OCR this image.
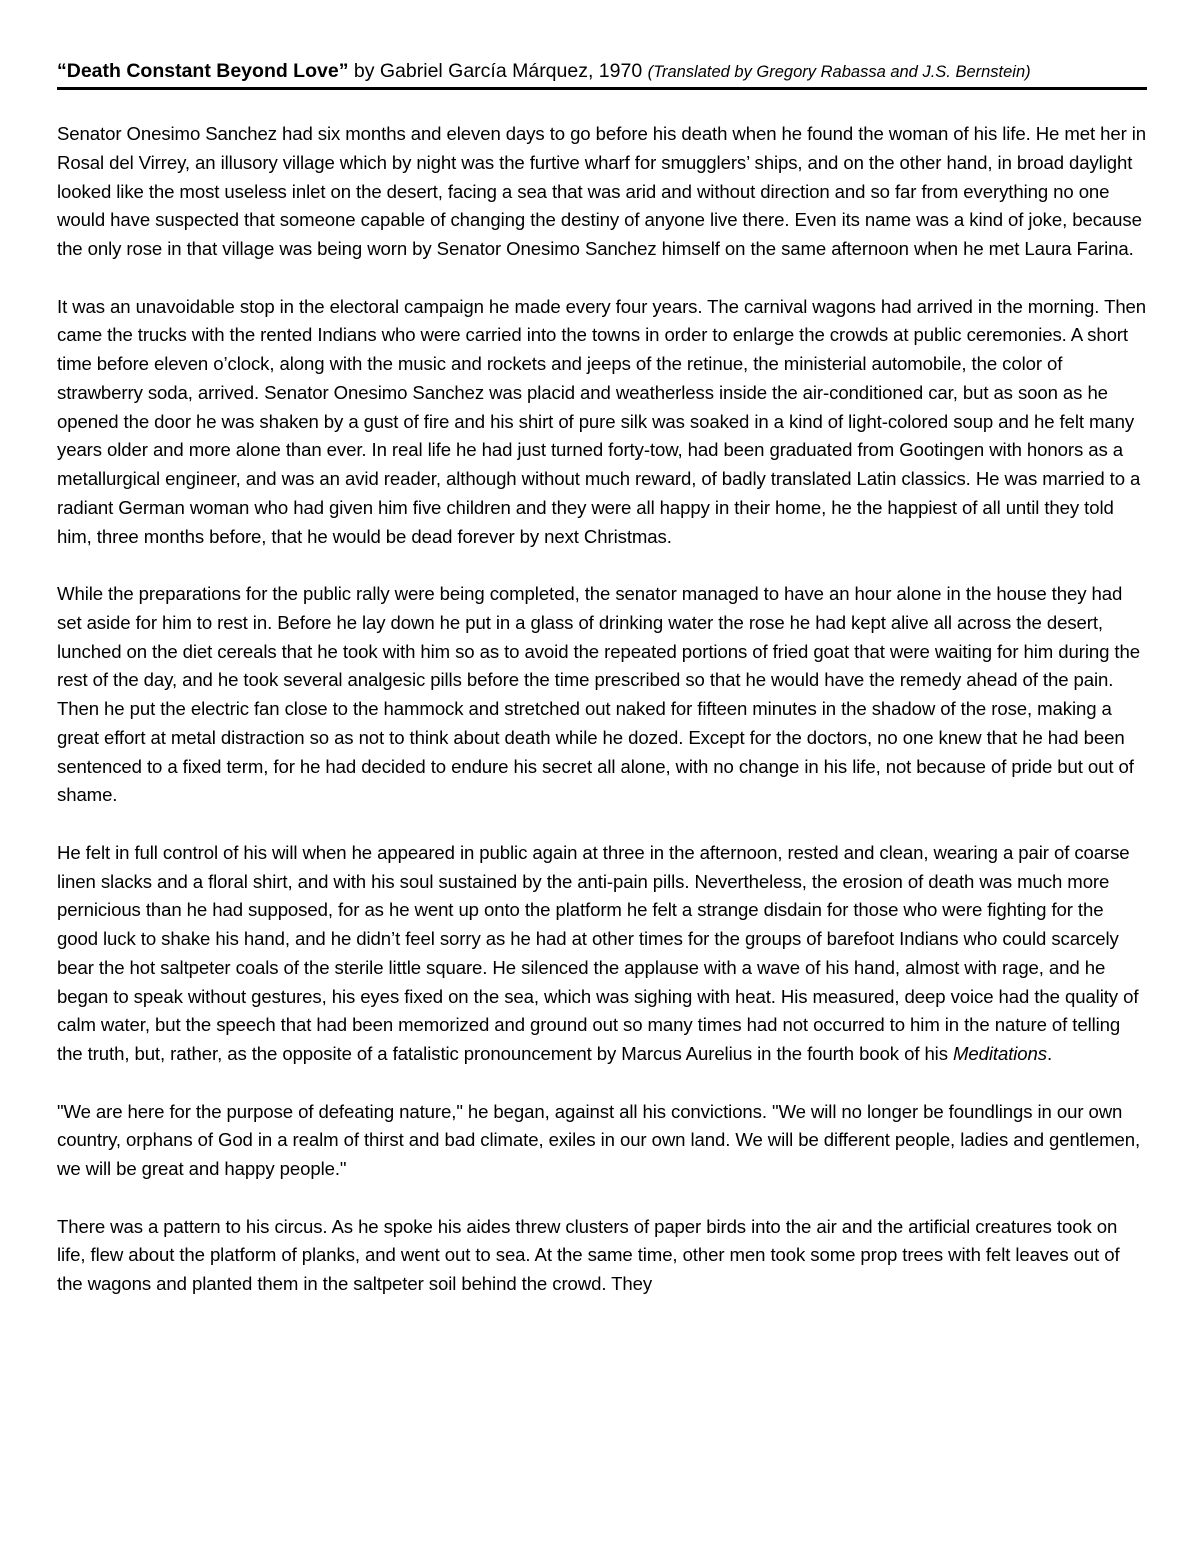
“Death Constant Beyond Love” by Gabriel García Márquez, 1970 (Translated by Gregory Rabassa and J.S. Bernstein)

Senator Onesimo Sanchez had six months and eleven days to go before his death when he found the woman of his life. He met her in Rosal del Virrey, an illusory village which by night was the furtive wharf for smugglers’ ships, and on the other hand, in broad daylight looked like the most useless inlet on the desert, facing a sea that was arid and without direction and so far from everything no one would have suspected that someone capable of changing the destiny of anyone live there. Even its name was a kind of joke, because the only rose in that village was being worn by Senator Onesimo Sanchez himself on the same afternoon when he met Laura Farina.

It was an unavoidable stop in the electoral campaign he made every four years. The carnival wagons had arrived in the morning. Then came the trucks with the rented Indians who were carried into the towns in order to enlarge the crowds at public ceremonies. A short time before eleven o’clock, along with the music and rockets and jeeps of the retinue, the ministerial automobile, the color of strawberry soda, arrived. Senator Onesimo Sanchez was placid and weatherless inside the air-conditioned car, but as soon as he opened the door he was shaken by a gust of fire and his shirt of pure silk was soaked in a kind of light-colored soup and he felt many years older and more alone than ever. In real life he had just turned forty-tow, had been graduated from Gootingen with honors as a metallurgical engineer, and was an avid reader, although without much reward, of badly translated Latin classics. He was married to a radiant German woman who had given him five children and they were all happy in their home, he the happiest of all until they told him, three months before, that he would be dead forever by next Christmas.

While the preparations for the public rally were being completed, the senator managed to have an hour alone in the house they had set aside for him to rest in. Before he lay down he put in a glass of drinking water the rose he had kept alive all across the desert, lunched on the diet cereals that he took with him so as to avoid the repeated portions of fried goat that were waiting for him during the rest of the day, and he took several analgesic pills before the time prescribed so that he would have the remedy ahead of the pain. Then he put the electric fan close to the hammock and stretched out naked for fifteen minutes in the shadow of the rose, making a great effort at metal distraction so as not to think about death while he dozed. Except for the doctors, no one knew that he had been sentenced to a fixed term, for he had decided to endure his secret all alone, with no change in his life, not because of pride but out of shame.

He felt in full control of his will when he appeared in public again at three in the afternoon, rested and clean, wearing a pair of coarse linen slacks and a floral shirt, and with his soul sustained by the anti-pain pills. Nevertheless, the erosion of death was much more pernicious than he had supposed, for as he went up onto the platform he felt a strange disdain for those who were fighting for the good luck to shake his hand, and he didn’t feel sorry as he had at other times for the groups of barefoot Indians who could scarcely bear the hot saltpeter coals of the sterile little square. He silenced the applause with a wave of his hand, almost with rage, and he began to speak without gestures, his eyes fixed on the sea, which was sighing with heat. His measured, deep voice had the quality of calm water, but the speech that had been memorized and ground out so many times had not occurred to him in the nature of telling the truth, but, rather, as the opposite of a fatalistic pronouncement by Marcus Aurelius in the fourth book of his Meditations.

"We are here for the purpose of defeating nature," he began, against all his convictions. "We will no longer be foundlings in our own country, orphans of God in a realm of thirst and bad climate, exiles in our own land. We will be different people, ladies and gentlemen, we will be great and happy people."

There was a pattern to his circus. As he spoke his aides threw clusters of paper birds into the air and the artificial creatures took on life, flew about the platform of planks, and went out to sea. At the same time, other men took some prop trees with felt leaves out of the wagons and planted them in the saltpeter soil behind the crowd. They
